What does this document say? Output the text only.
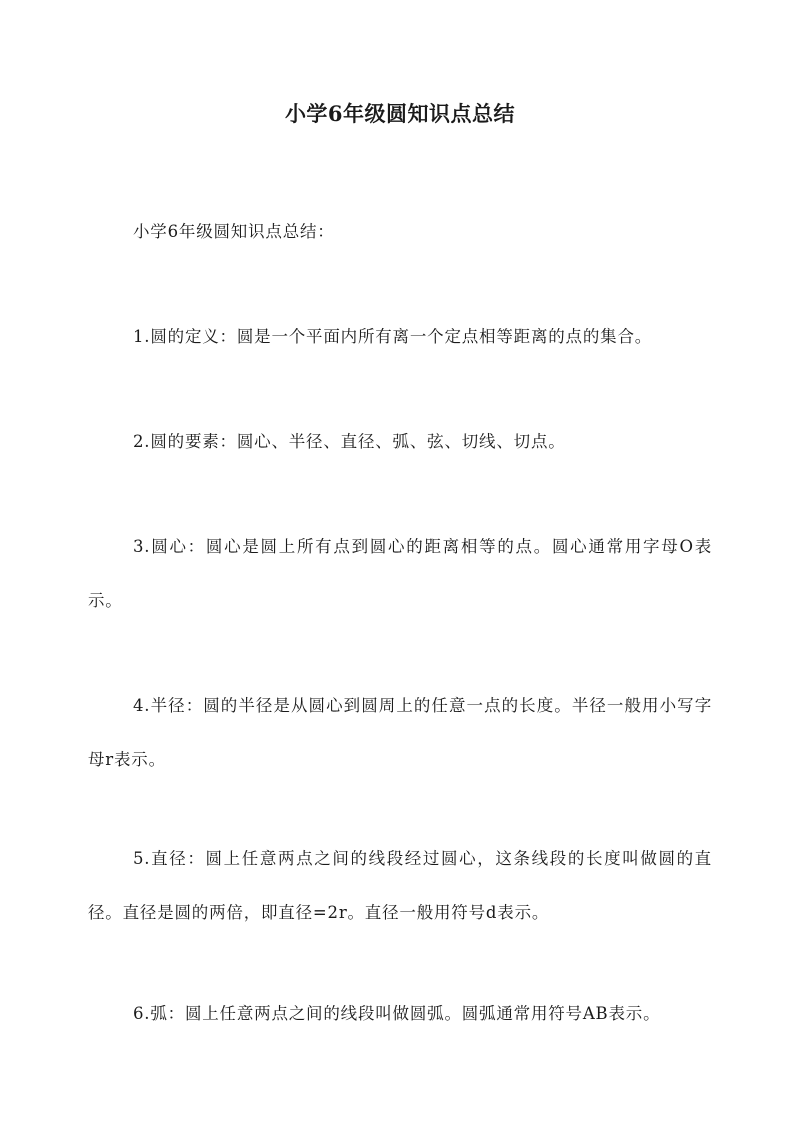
小学6年级圆知识点总结

小学6年级圆知识点总结：

1.圆的定义：圆是一个平面内所有离一个定点相等距离的点的集合。

2.圆的要素：圆心、半径、直径、弧、弦、切线、切点。

3.圆心：圆心是圆上所有点到圆心的距离相等的点。圆心通常用字母O表示。

4.半径：圆的半径是从圆心到圆周上的任意一点的长度。半径一般用小写字母r表示。

5.直径：圆上任意两点之间的线段经过圆心，这条线段的长度叫做圆的直径。直径是圆的两倍，即直径=2r。直径一般用符号d表示。

6.弧：圆上任意两点之间的线段叫做圆弧。圆弧通常用符号AB表示。
